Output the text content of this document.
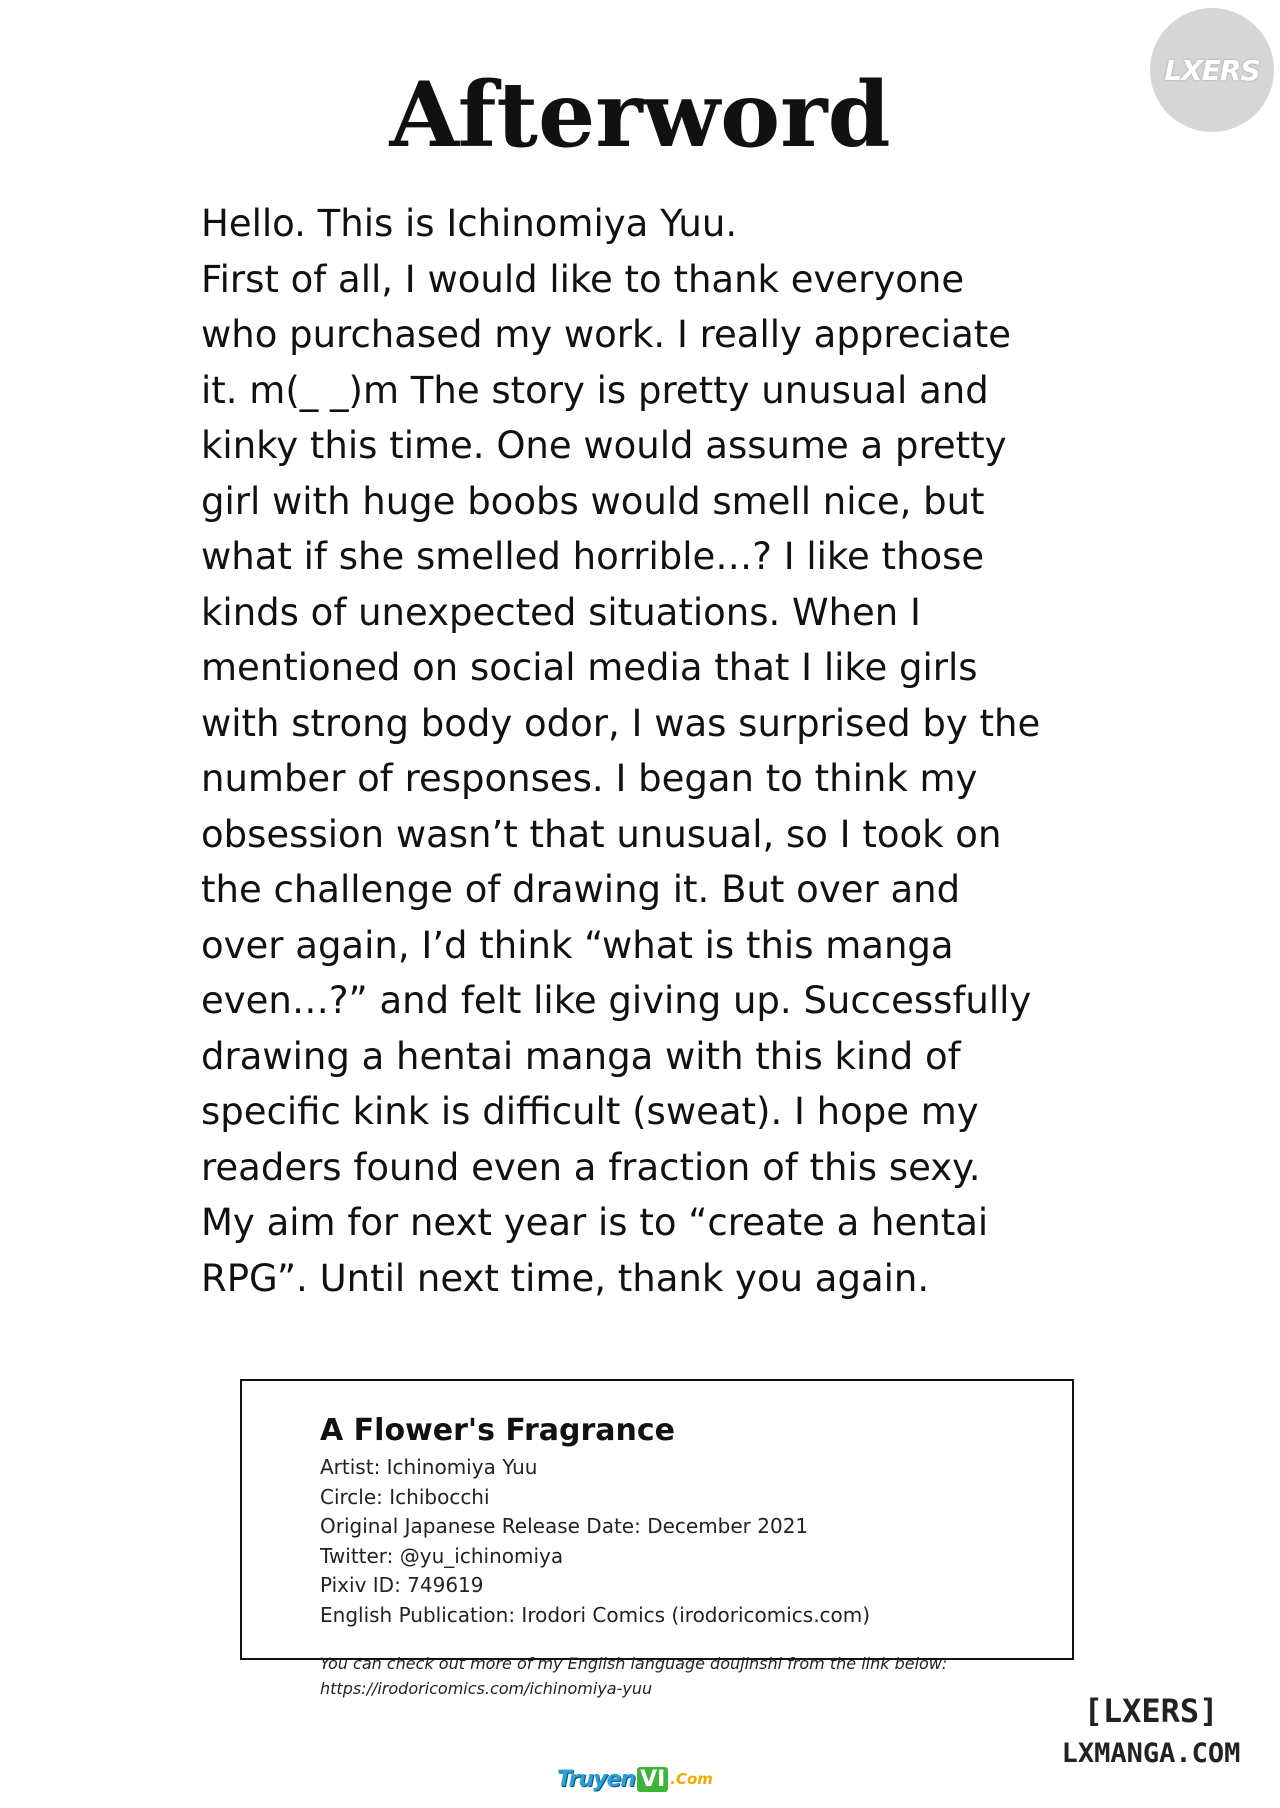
LXERS
Afterword
Hello. This is Ichinomiya Yuu.
First of all, I would like to thank everyone
who purchased my work. I really appreciate
it. m(_ _)m The story is pretty unusual and
kinky this time. One would assume a pretty
girl with huge boobs would smell nice, but
what if she smelled horrible…? I like those
kinds of unexpected situations. When I
mentioned on social media that I like girls
with strong body odor, I was surprised by the
number of responses. I began to think my
obsession wasn’t that unusual, so I took on
the challenge of drawing it. But over and
over again, I’d think “what is this manga
even…?” and felt like giving up. Successfully
drawing a hentai manga with this kind of
specific kink is difficult (sweat). I hope my
readers found even a fraction of this sexy.
My aim for next year is to “create a hentai
RPG”. Until next time, thank you again.
A Flower's Fragrance
Artist: Ichinomiya Yuu
Circle: Ichibocchi
Original Japanese Release Date: December 2021
Twitter: @yu_ichinomiya
Pixiv ID: 749619
English Publication: Irodori Comics (irodoricomics.com)
You can check out more of my English language doujinshi from the link below:
https://irodoricomics.com/ichinomiya-yuu
[LXERS]
LXMANGA.COM
Truyen VI .Com
